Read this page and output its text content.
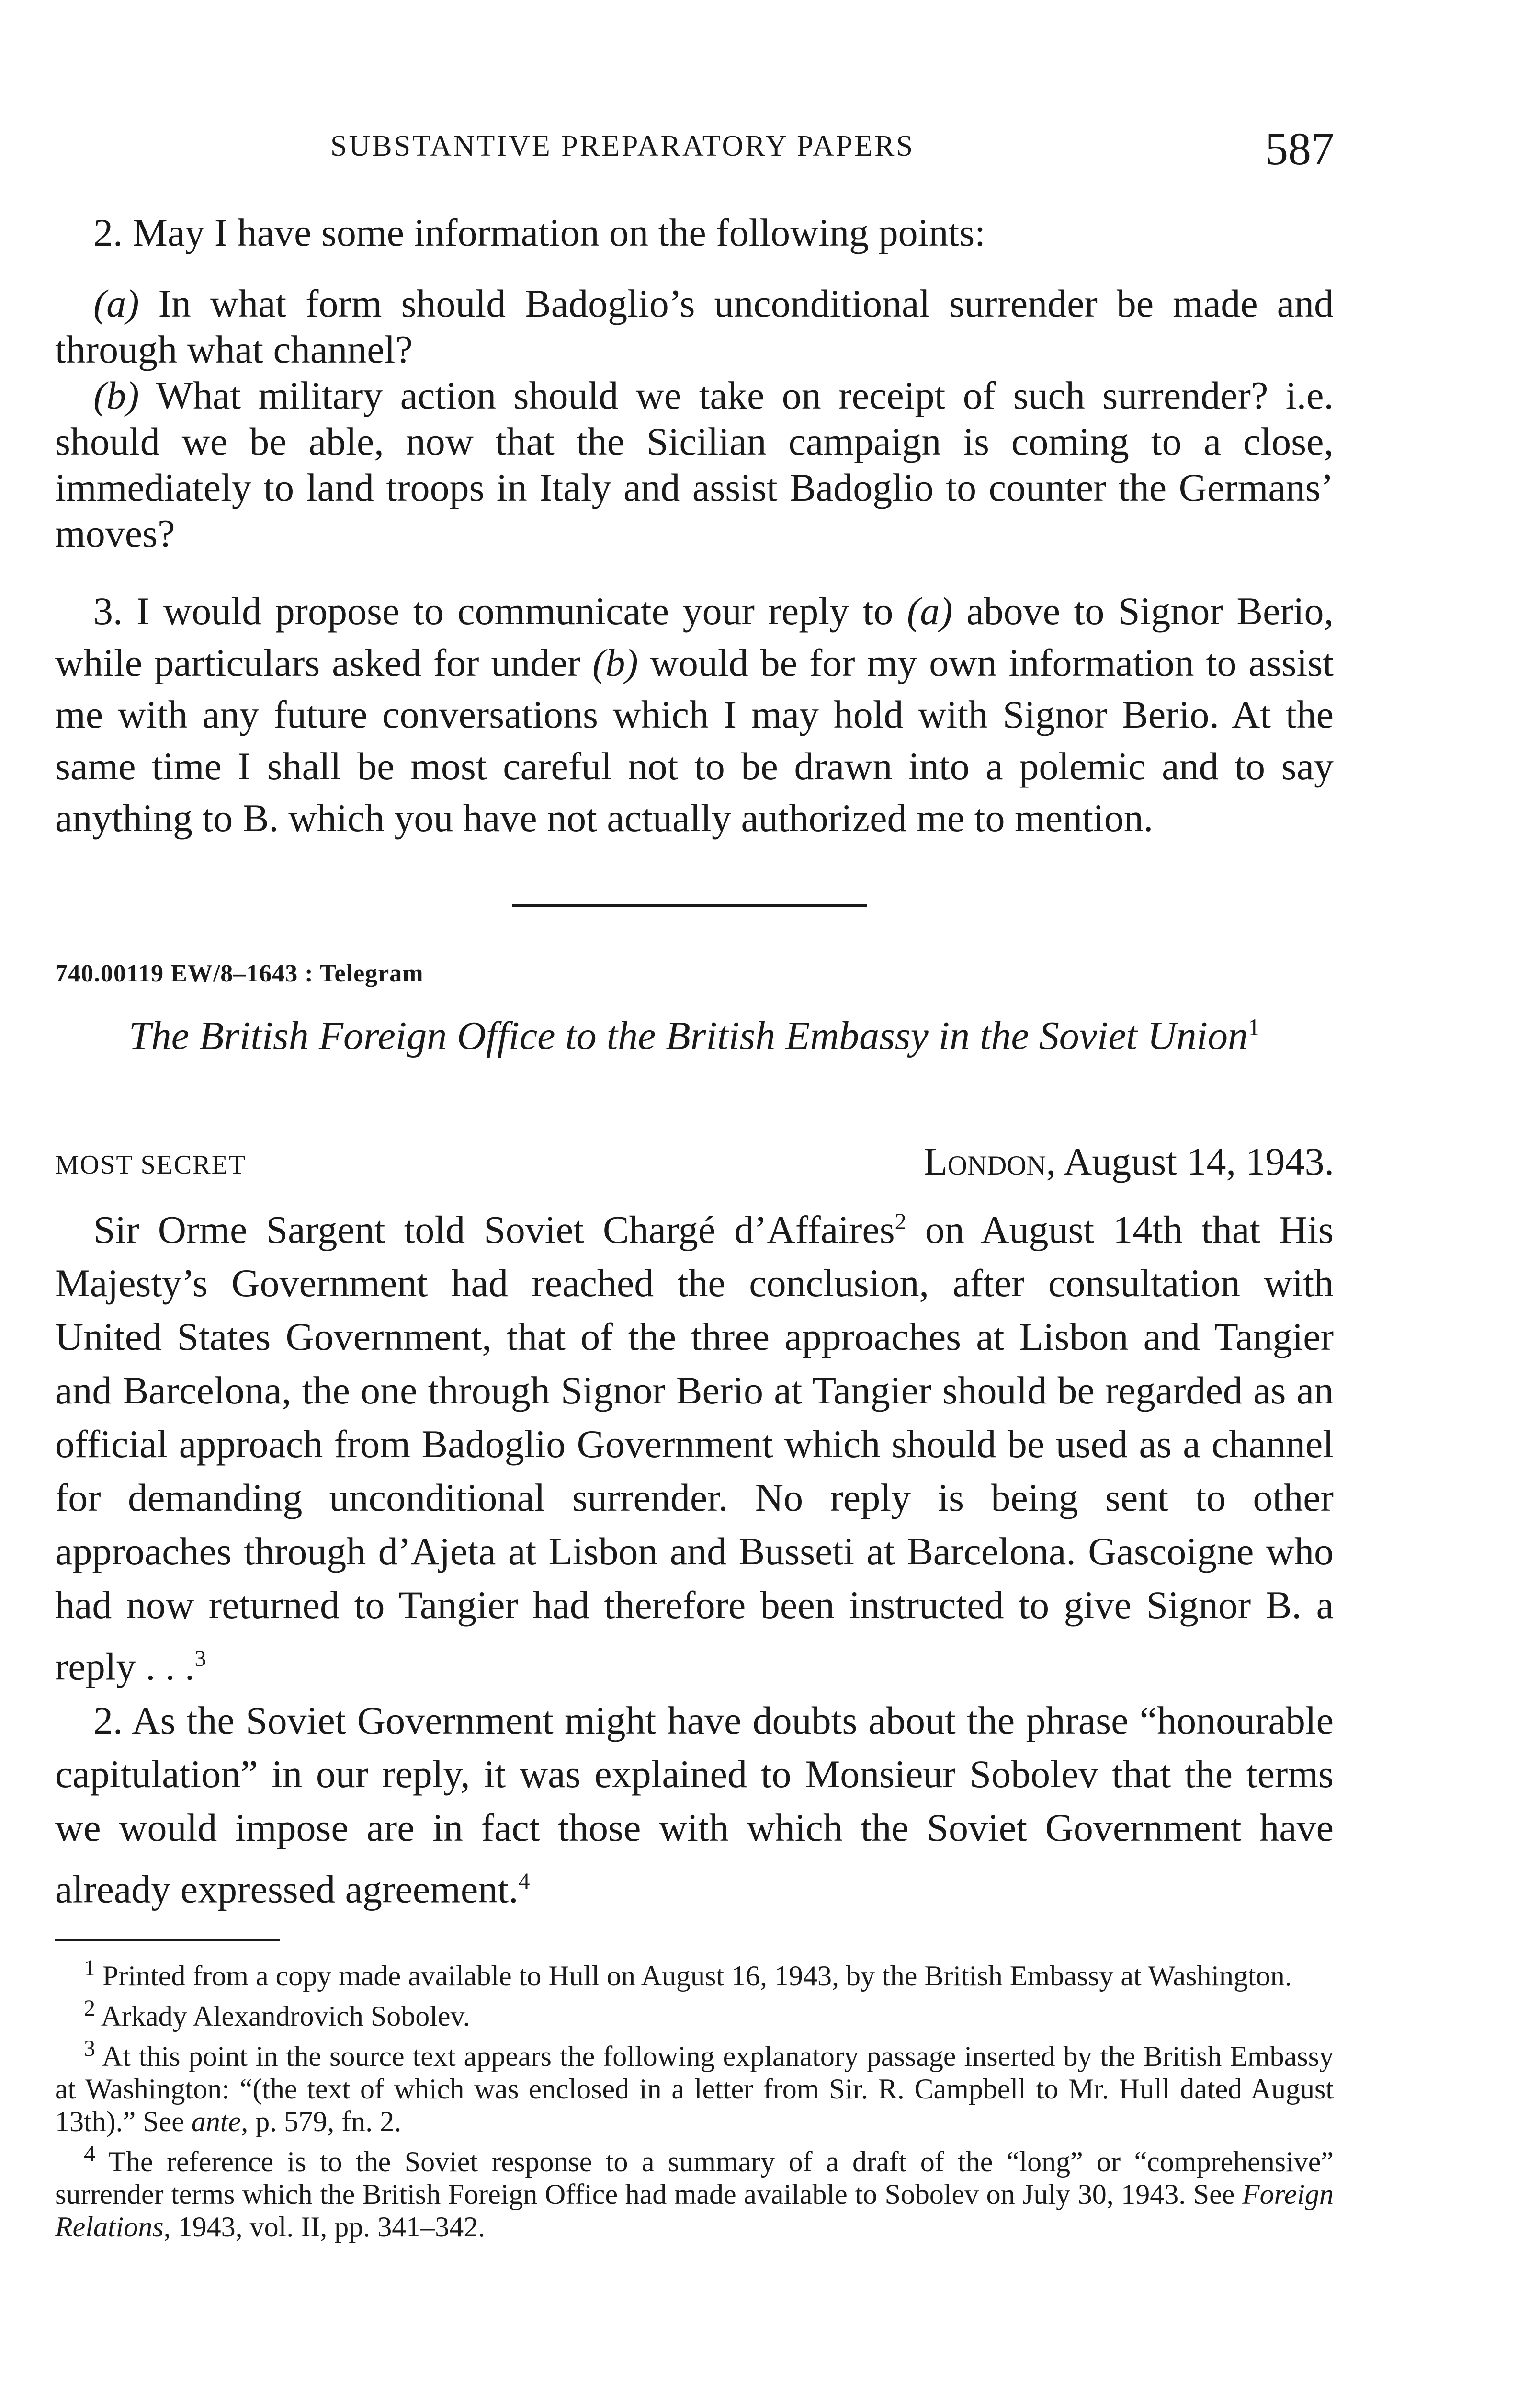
SUBSTANTIVE PREPARATORY PAPERS	587

2. May I have some information on the following points:

(a) In what form should Badoglio’s unconditional surrender be made and through what channel?

(b) What military action should we take on receipt of such surrender? i.e. should we be able, now that the Sicilian campaign is coming to a close, immediately to land troops in Italy and assist Badoglio to counter the Germans’ moves?

3. I would propose to communicate your reply to (a) above to Signor Berio, while particulars asked for under (b) would be for my own information to assist me with any future conversations which I may hold with Signor Berio. At the same time I shall be most careful not to be drawn into a polemic and to say anything to B. which you have not actually authorized me to mention.

740.00119 EW/8–1643 : Telegram
The British Foreign Office to the British Embassy in the Soviet Union$^1$
MOST SECRET	London, August 14, 1943.

Sir Orme Sargent told Soviet Chargé d’Affaires$^2$ on August 14th that His Majesty’s Government had reached the conclusion, after consultation with United States Government, that of the three approaches at Lisbon and Tangier and Barcelona, the one through Signor Berio at Tangier should be regarded as an official approach from Badoglio Government which should be used as a channel for demanding unconditional surrender. No reply is being sent to other approaches through d’Ajeta at Lisbon and Busseti at Barcelona. Gascoigne who had now returned to Tangier had therefore been instructed to give Signor B. a reply . . .$^3$

2. As the Soviet Government might have doubts about the phrase “honourable capitulation” in our reply, it was explained to Monsieur Sobolev that the terms we would impose are in fact those with which the Soviet Government have already expressed agreement.$^4$

$^1$ Printed from a copy made available to Hull on August 16, 1943, by the British Embassy at Washington.

$^2$ Arkady Alexandrovich Sobolev.

$^3$ At this point in the source text appears the following explanatory passage inserted by the British Embassy at Washington: “(the text of which was enclosed in a letter from Sir. R. Campbell to Mr. Hull dated August 13th).” See ante, p. 579, fn. 2.

$^4$ The reference is to the Soviet response to a summary of a draft of the “long” or “comprehensive” surrender terms which the British Foreign Office had made available to Sobolev on July 30, 1943. See Foreign Relations, 1943, vol. II, pp. 341–342.
